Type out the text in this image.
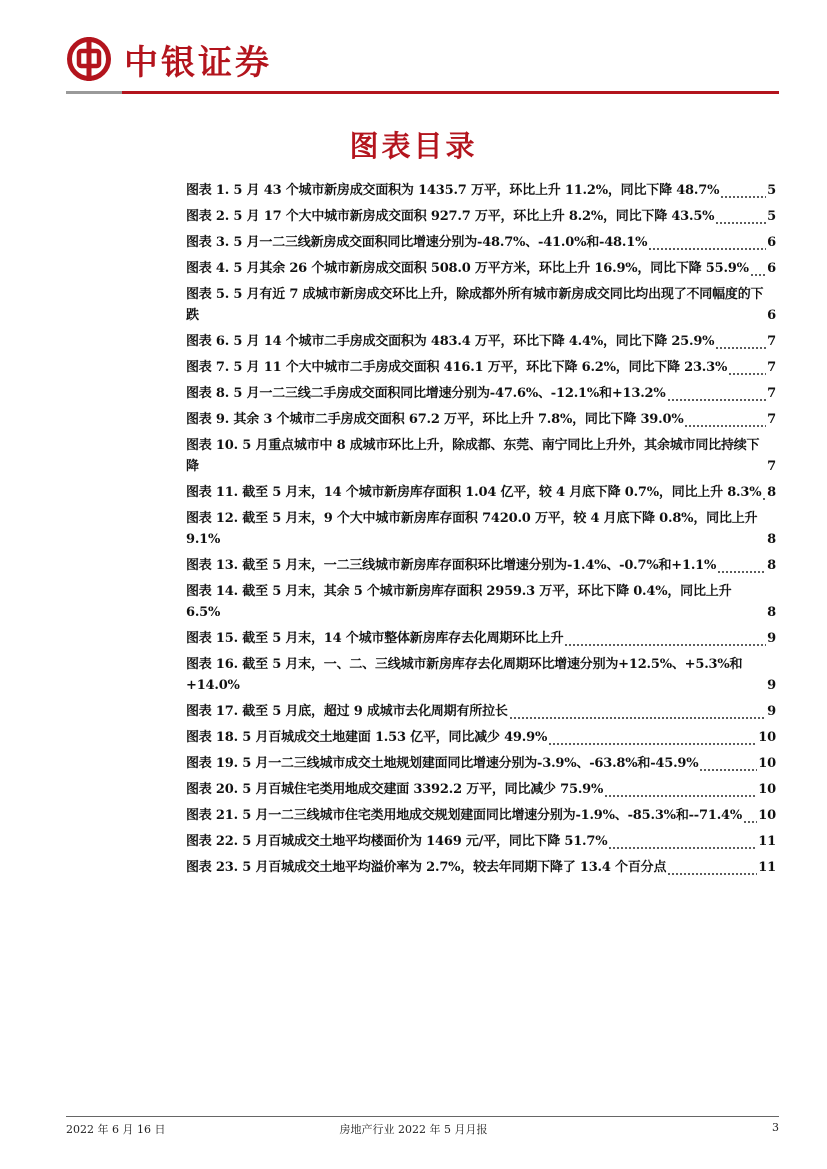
中银证券
图表目录
图表 1. 5 月 43 个城市新房成交面积为 1435.7 万平，环比上升 11.2%，同比下降 48.7%	5
图表 2. 5 月 17 个大中城市新房成交面积 927.7 万平，环比上升 8.2%，同比下降 43.5%	5
图表 3. 5 月一二三线新房成交面积同比增速分别为-48.7%、-41.0%和-48.1%	6
图表 4. 5 月其余 26 个城市新房成交面积 508.0 万平方米，环比上升 16.9%，同比下降 55.9% 6
图表 5. 5 月有近 7 成城市新房成交环比上升，除成都外所有城市新房成交同比均出现了不同幅度的下跌	6
图表 6. 5 月 14 个城市二手房成交面积为 483.4 万平，环比下降 4.4%，同比下降 25.9%	7
图表 7. 5 月 11 个大中城市二手房成交面积 416.1 万平，环比下降 6.2%，同比下降 23.3%	7
图表 8. 5 月一二三线二手房成交面积同比增速分别为-47.6%、-12.1%和+13.2%	7
图表 9. 其余 3 个城市二手房成交面积 67.2 万平，环比上升 7.8%，同比下降 39.0%	7
图表 10. 5 月重点城市中 8 成城市环比上升，除成都、东莞、南宁同比上升外，其余城市同比持续下降	7
图表 11. 截至 5 月末，14 个城市新房库存面积 1.04 亿平，较 4 月底下降 0.7%，同比上升 8.3% 8
图表 12. 截至 5 月末，9 个大中城市新房库存面积 7420.0 万平，较 4 月底下降 0.8%，同比上升 9.1%	8
图表 13. 截至 5 月末，一二三线城市新房库存面积环比增速分别为-1.4%、-0.7%和+1.1%	8
图表 14. 截至 5 月末，其余 5 个城市新房库存面积 2959.3 万平，环比下降 0.4%，同比上升 6.5%	8
图表 15. 截至 5 月末，14 个城市整体新房库存去化周期环比上升	9
图表 16. 截至 5 月末，一、二、三线城市新房库存去化周期环比增速分别为+12.5%、+5.3%和+14.0%	9
图表 17. 截至 5 月底，超过 9 成城市去化周期有所拉长	9
图表 18. 5 月百城成交土地建面 1.53 亿平，同比减少 49.9%	10
图表 19. 5 月一二三线城市成交土地规划建面同比增速分别为-3.9%、-63.8%和-45.9%	10
图表 20. 5 月百城住宅类用地成交建面 3392.2 万平，同比减少 75.9%	10
图表 21. 5 月一二三线城市住宅类用地成交规划建面同比增速分别为-1.9%、-85.3%和--71.4% 10
图表 22. 5 月百城成交土地平均楼面价为 1469 元/平，同比下降 51.7%	11
图表 23. 5 月百城成交土地平均溢价率为 2.7%，较去年同期下降了 13.4 个百分点	11
2022 年 6 月 16 日	房地产行业 2022 年 5 月月报	3
